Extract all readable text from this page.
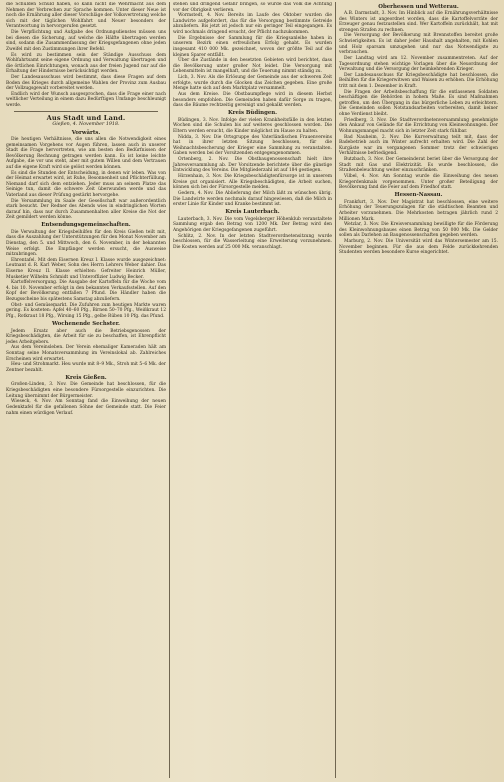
die Schulden Schuld haben, so kann nicht die Wehrmacht aus dem Nehmen der Verbrechen zur Sprache kommen. Unter dieser Neue ist noch die Ernährung aller dieser Vorschläge der Volksvertretung welche sich mit der täglichen Wohlfahrt und Neuer besonders der Verantwortung in hervorgerufen gesetzt.

Die Verpflichtung und Aufgabe des Ordnungsdienstes müssen uns bei diesen die Sicherung, auf welche die Hälfte übertragen werden sind, sodann die Zusammenfassung der Kriegsgefangenen ohne jeden Zweifel mit den Zustimmungen ihrer Befehl.

Es wird zu bestimmen sein der Ständige Ausschuss dem Wohlfahrtsamt seine eigene Ordnung und Verwaltung übertragen und die örtlichen Einrichtungen, wonach aus der freien Jugend nur auf die Erhaltung der Hindernisse berücksichtigt werden.

Der Landesausschuss wird bestimmt, dass diese Fragen auf dem Boden des Krieges durch allgemeine Wahlen der Provinz zum Ausbau der Vollzugsgewalt vorbereitet werden.

Endlich wird der Wunsch ausgesprochen, dass die Frage einer nach weltlicher Verteilung in einem dazu Bedürftigen Umfange beschleunigt werde.

Aus Stadt und Land.
Gießen, 4. November 1918.
Vorwärts.

Die heutigen Verhältnisse, die uns allen die Notwendigkeit eines gemeinsamen Vorgehens vor Augen führen, lassen auch in unserer Stadt die Frage hervortreten, wie am besten den Bedürfnissen der Bevölkerung Rechnung getragen werden kann. Es ist keine leichte Aufgabe, die vor uns steht, aber mit gutem Willen und dem Vertrauen auf die eigene Kraft wird sie gelöst werden können.

Es sind die Stunden der Entscheidung, in denen wir leben. Was von der Heimat erwartet wird, ist Ruhe, Besonnenheit und Pflichterfüllung. Niemand darf sich dem entziehen. Jeder muss an seinem Platze das Seinige tun, damit die schwere Zeit überwunden werde und das Vaterland aus dieser Prüfung gestärkt hervorgehe.

Die Versammlung im Saale der Gesellschaft war außerordentlich stark besucht. Der Redner des Abends wies in eindringlichen Worten darauf hin, dass nur durch Zusammenhalten aller Kreise die Not der Zeit gemildert werden könne.

Entsendungsgemeinschaften.

Die Verwaltung der Kriegsbeihilfen für den Kreis Gießen teilt mit, dass die Auszahlung der Unterstützungen für den Monat November am Dienstag, den 5. und Mittwoch, den 6. November, in der bekannten Weise erfolgt. Die Empfänger werden ersucht, die Ausweise mitzubringen.

Ehrentafel. Mit dem Eisernen Kreuz I. Klasse wurde ausgezeichnet: Leutnant d. R. Karl Weber, Sohn des Herrn Lehrers Weber dahier. Das Eiserne Kreuz II. Klasse erhielten: Gefreiter Heinrich Müller, Musketier Wilhelm Schmidt und Unteroffizier Ludwig Becker.

Kartoffelversorgung. Die Ausgabe der Kartoffeln für die Woche vom 4. bis 10. November erfolgt in den bekannten Verkaufsstellen. Auf den Kopf der Bevölkerung entfallen 7 Pfund. Die Händler haben die Bezugsscheine bis spätestens Samstag abzuliefern.

Obst- und Gemüsemarkt. Die Zufuhren zum heutigen Markte waren gering. Es kosteten: Äpfel 40–60 Pfg., Birnen 50–70 Pfg., Weißkraut 12 Pfg., Rotkraut 18 Pfg., Wirsing 15 Pfg., gelbe Rüben 10 Pfg. das Pfund.

Wochenende Sechster.

Jedem Ersatz aber auch die Betriebsgenossen der Kriegsbeschädigten, die Arbeit für sie zu beschaffen, ist Ehrenpflicht jedes Arbeitgebers.

Aus dem Vereinsleben. Der Verein ehemaliger Kameraden hält am Sonntag seine Monatsversammlung im Vereinslokal ab. Zahlreiches Erscheinen wird erwartet.

Heu- und Strohmarkt. Heu wurde mit 8–9 Mk., Stroh mit 5–6 Mk. der Zentner bezahlt.

Kreis Gießen.

Großen-Linden, 3. Nov. Die Gemeinde hat beschlossen, für die Kriegsbeschädigten eine besondere Fürsorgestelle einzurichten. Die Leitung übernimmt der Bürgermeister.

Wieseck, 4. Nov. Am Sonntag fand die Einweihung der neuen Gedenktafel für die gefallenen Söhne der Gemeinde statt. Die Feier nahm einen würdigen Verlauf.

stehen und dringend Gefahr bringen, so würde das Volk die Achtung vor der Obrigkeit verlieren.

Wormstedt, 4. Nov. Bereits im Laufe des Oktober wurden die Landwirte aufgefordert, das für die Versorgung bestimmte Getreide abzuliefern. Bis jetzt ist jedoch nur ein geringer Teil eingegangen. Es wird nochmals dringend ersucht, der Pflicht nachzukommen.

Die Ergebnisse der Sammlung für die Kriegsanleihe haben in unserem Bezirk einen erfreulichen Erfolg gehabt. Es wurden insgesamt 410 000 Mk. gezeichnet, wovon der größte Teil auf die kleinen Sparer entfällt.

Über die Zustände in den besetzten Gebieten wird berichtet, dass die Bevölkerung unter großer Not leidet. Die Versorgung mit Lebensmitteln ist mangelhaft, und die Teuerung nimmt ständig zu.

Lich, 3. Nov. Als die Erlösung der Gemeinde aus der schweren Zeit erfolgte, wurde durch die Glocken das Zeichen gegeben. Eine große Menge hatte sich auf dem Marktplatz versammelt.

Aus dem Kreise. Die Obstbaumpflege wird in diesem Herbst besonders empfohlen. Die Gemeinden haben dafür Sorge zu tragen, dass die Bäume rechtzeitig gereinigt und gekalkt werden.

Kreis Büdingen.

Büdingen, 3. Nov. Infolge der vielen Krankheitsfälle in den letzten Wochen sind die Schulen bis auf weiteres geschlossen worden. Die Eltern werden ersucht, die Kinder möglichst im Hause zu halten.

Nidda, 3. Nov. Die Ortsgruppe des Vaterländischen Frauenvereins hat in ihrer letzten Sitzung beschlossen, für die Weihnachtsbescherung der Krieger eine Sammlung zu veranstalten. Gaben werden bei der Vorsitzenden entgegengenommen.

Ortenberg, 2. Nov. Die Obstbaugenossenschaft hielt ihre Jahresversammlung ab. Der Vorsitzende berichtete über die günstige Entwicklung des Vereins. Die Mitgliederzahl ist auf 184 gestiegen.

Hirzenhain, 3. Nov. Die Kriegsbeschädigtenfürsorge ist in unserem Kreise gut organisiert. Alle Kriegsbeschädigten, die Arbeit suchen, können sich bei der Fürsorgestelle melden.

Gedern, 4. Nov. Die Ablieferung der Milch läßt zu wünschen übrig. Die Landwirte werden nochmals darauf hingewiesen, daß die Milch in erster Linie für Kinder und Kranke bestimmt ist.

Kreis Lauterbach.

Lauterbach, 3. Nov. Die vom Vogelsberger Höhenklub veranstaltete Sammlung ergab den Betrag von 1200 Mk. Der Betrag wird den Angehörigen der Kriegsgefangenen zugeführt.

Schlitz, 2. Nov. In der letzten Stadtverordnetensitzung wurde beschlossen, für die Wasserleitung eine Erweiterung vorzunehmen. Die Kosten werden auf 25 000 Mk. veranschlagt.

Oberhessen und Wetterau.

A.B. Darmstadt, 3. Nov. Im Hinblick auf die Ernährungsverhältnisse des Winters ist angeordnet worden, dass die Kartoffelvorräte der Erzeuger genau festzustellen sind. Wer Kartoffeln zurückhält, hat mit strengen Strafen zu rechnen.

Die Versorgung der Bevölkerung mit Brennstoffen bereitet große Schwierigkeiten. Es ist daher jeder Haushalt angehalten, mit Kohlen und Holz sparsam umzugehen und nur das Notwendigste zu verbrauchen.

Der Landtag wird am 12. November zusammentreten. Auf der Tagesordnung stehen wichtige Vorlagen über die Neuordnung der Verwaltung und die Versorgung der heimkehrenden Krieger.

Der Landesausschuss für Kriegsbeschädigte hat beschlossen, die Beihilfen für die Kriegerwitwen und Waisen zu erhöhen. Die Erhöhung tritt mit dem 1. Dezember in Kraft.

Die Fragen der Arbeitsbeschaffung für die entlassenen Soldaten beschäftigen die Behörden in hohem Maße. Es sind Maßnahmen getroffen, um den Übergang in das bürgerliche Leben zu erleichtern. Die Gemeinden sollen Notstandsarbeiten vorbereiten, damit keiner ohne Verdienst bleibt.

Friedberg, 3. Nov. Die Stadtverordnetenversammlung genehmigte den Ankauf von Gelände für die Errichtung von Kleinwohnungen. Der Wohnungsmangel macht sich in letzter Zeit stark fühlbar.

Bad Nauheim, 2. Nov. Die Kurverwaltung teilt mit, dass der Badebetrieb auch im Winter aufrecht erhalten wird. Die Zahl der Kurgäste war im vergangenen Sommer trotz der schwierigen Verhältnisse befriedigend.

Butzbach, 3. Nov. Der Gemeinderat beriet über die Versorgung der Stadt mit Gas und Elektrizität. Es wurde beschlossen, die Straßenbeleuchtung weiter einzuschränken.

Vilbel, 4. Nov. Am Sonntag wurde die Einweihung des neuen Kriegerdenkmals vorgenommen. Unter großer Beteiligung der Bevölkerung fand die Feier auf dem Friedhof statt.

Hessen-Nassau.

Frankfurt, 3. Nov. Der Magistrat hat beschlossen, eine weitere Erhöhung der Teuerungszulagen für die städtischen Beamten und Arbeiter vorzunehmen. Die Mehrkosten betragen jährlich rund 2 Millionen Mark.

Wetzlar, 3. Nov. Die Kreisversammlung bewilligte für die Förderung des Kleinwohnungsbaues einen Betrag von 50 000 Mk. Die Gelder sollen als Darlehen an Baugenossenschaften gegeben werden.

Marburg, 2. Nov. Die Universität wird das Wintersemester am 15. November beginnen. Für die aus dem Felde zurückkehrenden Studenten werden besondere Kurse eingerichtet.
